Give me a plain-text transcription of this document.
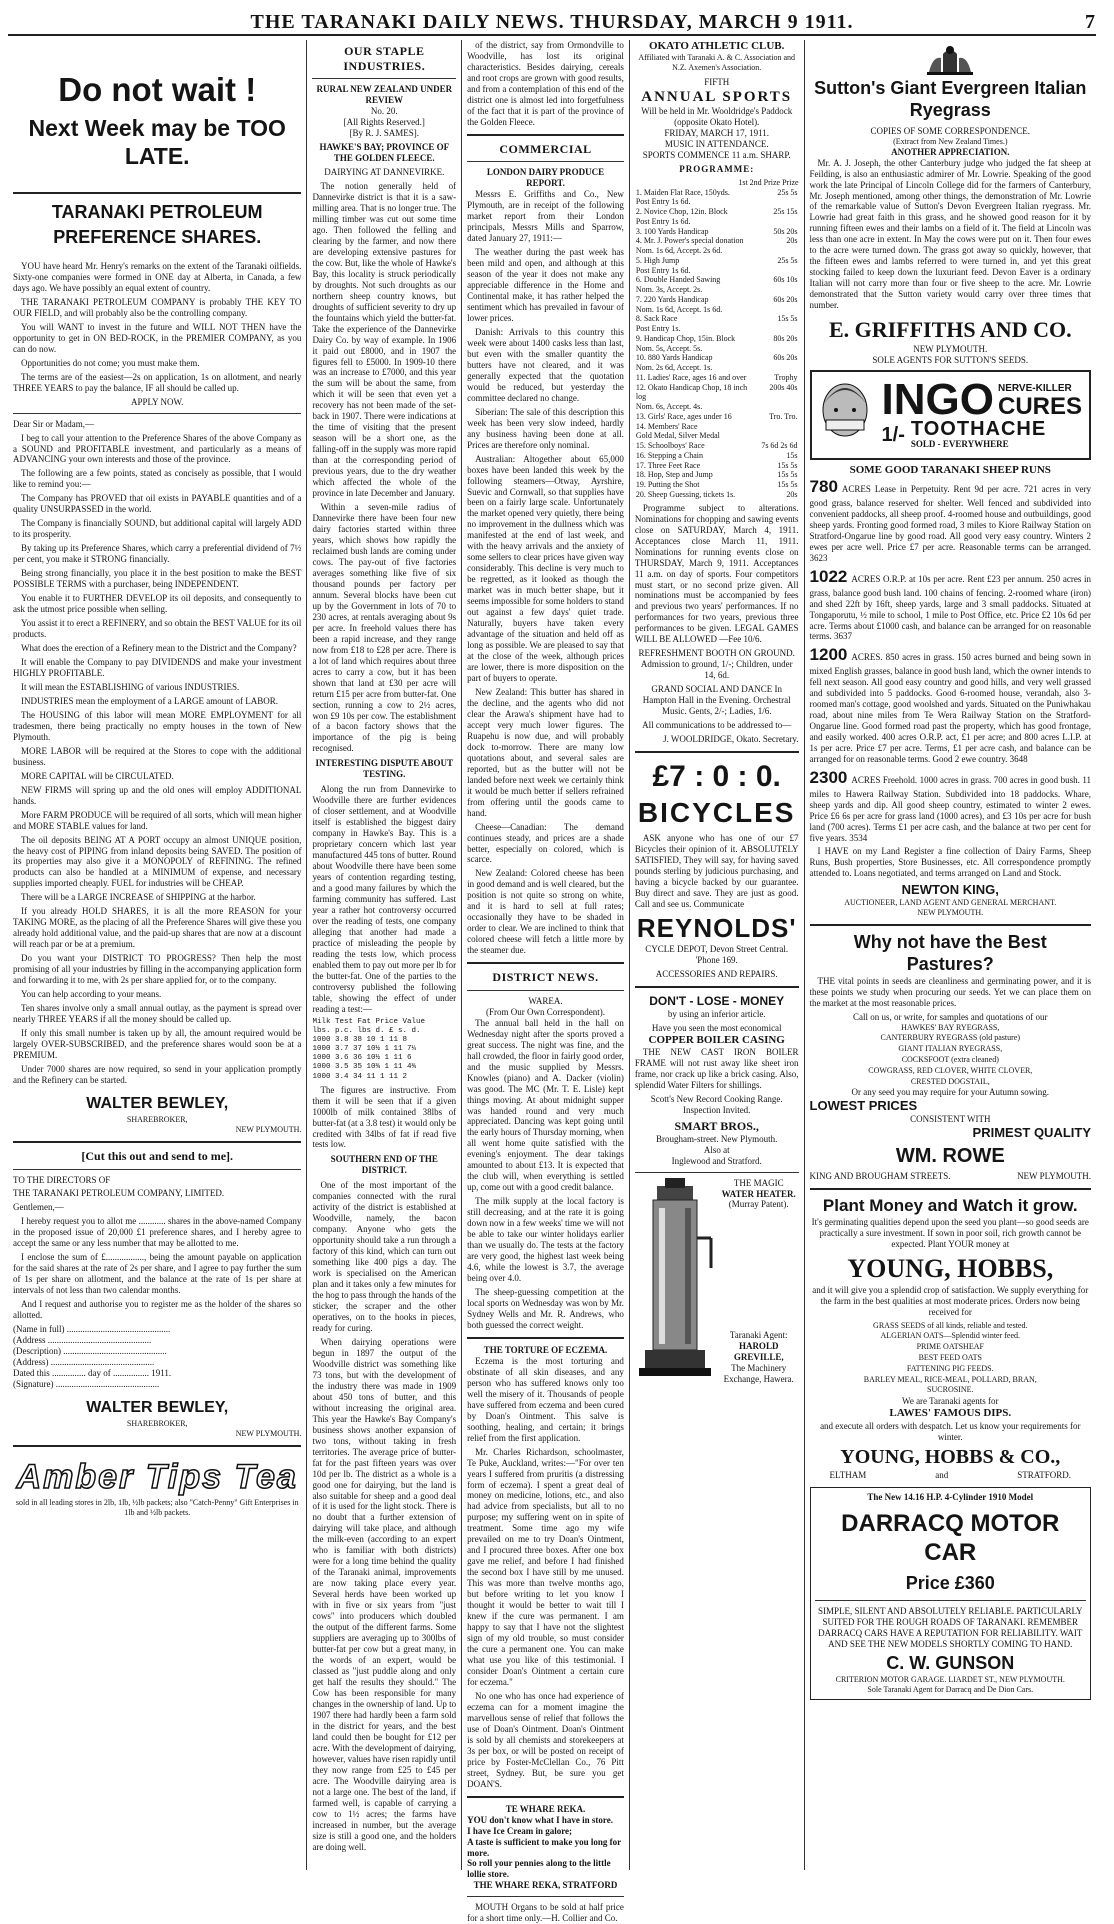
THE TARANAKI DAILY NEWS. THURSDAY, MARCH 9 1911.	7
Do not wait !
Next Week may be TOO LATE.
TARANAKI PETROLEUM PREFERENCE SHARES.

YOU have heard Mr. Henry's remarks on the extent of the Taranaki oilfields. Sixty-one companies were formed in ONE day at Alberta, in Canada, a few days ago. We have possibly an equal extent of country.

THE TARANAKI PETROLEUM COMPANY is probably THE KEY TO OUR FIELD, and will probably also be the controlling company.

You will WANT to invest in the future and WILL NOT THEN have the opportunity to get in ON BED-ROCK, in the PREMIER COMPANY, as you can do now.

Opportunities do not come; you must make them.

The terms are of the easiest—2s on application, 1s on allotment, and nearly THREE YEARS to pay the balance, IF all should be called up.

APPLY NOW.

Dear Sir or Madam,—

I beg to call your attention to the Preference Shares of the above Company as a SOUND and PROFITABLE investment, and particularly as a means of ADVANCING your own interests and those of the province.

The following are a few points, stated as concisely as possible, that I would like to remind you:—

The Company has PROVED that oil exists in PAYABLE quantities and of a quality UNSURPASSED in the world.

The Company is financially SOUND, but additional capital will largely ADD to its prosperity.

By taking up its Preference Shares, which carry a preferential dividend of 7½ per cent, you make it STRONG financially.

Being strong financially, you place it in the best position to make the BEST POSSIBLE TERMS with a purchaser, being INDEPENDENT.

You enable it to FURTHER DEVELOP its oil deposits, and consequently to ask the utmost price possible when selling.

You assist it to erect a REFINERY, and so obtain the BEST VALUE for its oil products.

What does the erection of a Refinery mean to the District and the Company?

It will enable the Company to pay DIVIDENDS and make your investment HIGHLY PROFITABLE.

It will mean the ESTABLISHING of various INDUSTRIES.

INDUSTRIES mean the employment of a LARGE amount of LABOR.

The HOUSING of this labor will mean MORE EMPLOYMENT for all tradesmen, there being practically no empty houses in the town of New Plymouth.

MORE LABOR will be required at the Stores to cope with the additional business.

MORE CAPITAL will be CIRCULATED.

NEW FIRMS will spring up and the old ones will employ ADDITIONAL hands.

More FARM PRODUCE will be required of all sorts, which will mean higher and MORE STABLE values for land.

The oil deposits BEING AT A PORT occupy an almost UNIQUE position, the heavy cost of PIPING from inland deposits being SAVED. The position of its properties may also give it a MONOPOLY of REFINING. The refined products can also be handled at a MINIMUM of expense, and necessary supplies imported cheaply. FUEL for industries will be CHEAP.

There will be a LARGE INCREASE of SHIPPING at the harbor.

If you already HOLD SHARES, it is all the more REASON for your TAKING MORE, as the placing of all the Preference Shares will give these you already hold additional value, and the paid-up shares that are now at a discount will reach par or be at a premium.

Do you want your DISTRICT TO PROGRESS? Then help the most promising of all your industries by filling in the accompanying application form and forwarding it to me, with 2s per share applied for, or to the company.

You can help according to your means.

Ten shares involve only a small annual outlay, as the payment is spread over nearly THREE YEARS if all the money should be called up.

If only this small number is taken up by all, the amount required would be largely OVER-SUBSCRIBED, and the preference shares would soon be at a PREMIUM.

Under 7000 shares are now required, so send in your application promptly and the Refinery can be started.

WALTER BEWLEY,
SHAREBROKER,
NEW PLYMOUTH.
[Cut this out and send to me].

TO THE DIRECTORS OF

THE TARANAKI PETROLEUM COMPANY, LIMITED.

Gentlemen,—

I hereby request you to allot me ............ shares in the above-named Company in the proposed issue of 20,000 £1 preference shares, and I hereby agree to accept the same or any less number that may be allotted to me.

I enclose the sum of £................., being the amount payable on application for the said shares at the rate of 2s per share, and I agree to pay further the sum of 1s per share on allotment, and the balance at the rate of 1s per share at intervals of not less than two calendar months.

And I request and authorise you to register me as the holder of the shares so allotted.

(Name in full) ..............................................
(Address ..............................................
(Description) ..............................................
(Address) ..............................................
Dated this ............... day of ................ 1911.
(Signature) ..............................................
WALTER BEWLEY,
SHAREBROKER,
NEW PLYMOUTH.
Amber Tips Tea
sold in all leading stores in 2lb, 1lb, ½lb packets; also "Catch-Penny" Gift Enterprises in 1lb and ½lb packets.
OUR STAPLE INDUSTRIES.
RURAL NEW ZEALAND UNDER REVIEW
No. 20.
[All Rights Reserved.]
[By R. J. SAMES].
HAWKE'S BAY; PROVINCE OF THE GOLDEN FLEECE.
DAIRYING AT DANNEVIRKE.

The notion generally held of Dannevirke district is that it is a saw-milling area. That is no longer true. The milling timber was cut out some time ago. Then followed the felling and clearing by the farmer, and now there are developing extensive pastures for the cow. But, like the whole of Hawke's Bay, this locality is struck periodically by droughts. Not such droughts as our northern sheep country knows, but droughts of sufficient severity to dry up the fountains which yield the butter-fat. Take the experience of the Dannevirke Dairy Co. by way of example. In 1906 it paid out £8000, and in 1907 the figures fell to £5000. In 1909-10 there was an increase to £7000, and this year the sum will be about the same, from which it will be seen that even yet a recovery has not been made of the set-back in 1907. There were indications at the time of visiting that the present season will be a short one, as the falling-off in the supply was more rapid than at the corresponding period of previous years, due to the dry weather which affected the whole of the province in late December and January.

Within a seven-mile radius of Dannevirke there have been four new dairy factories started within three years, which shows how rapidly the reclaimed bush lands are coming under cows. The pay-out of five factories averages something like five of six thousand pounds per factory per annum. Several blocks have been cut up by the Government in lots of 70 to 230 acres, at rentals averaging about 9s per acre. In freehold values there has been a rapid increase, and they range now from £18 to £28 per acre. There is a lot of land which requires about three acres to carry a cow, but it has been shown that land at £30 per acre will return £15 per acre from butter-fat. One section, running a cow to 2½ acres, won £9 10s per cow. The establishment of a bacon factory shows that the importance of the pig is being recognised.

INTERESTING DISPUTE ABOUT TESTING.

Along the run from Dannevirke to Woodville there are further evidences of closer settlement, and at Woodville itself is established the biggest dairy company in Hawke's Bay. This is a proprietary concern which last year manufactured 445 tons of butter. Round about Woodville there have been some years of contention regarding testing, and a good many failures by which the farming community has suffered. Last year a rather hot controversy occurred over the reading of tests, one company alleging that another had made a practice of misleading the people by reading the tests low, which process enabled them to pay out more per lb for the butter-fat. One of the parties to the controversy published the following table, showing the effect of under reading a test:—

Milk Test Fat Price Value
lbs. p.c. lbs d. £ s. d.
1000 3.8 38 10 1 11 8
1000 3.7 37 10½ 1 11 7¼
1000 3.6 36 10½ 1 11 6
1000 3.5 35 10¾ 1 11 4¾
1000 3.4 34 11 1 11 2

The figures are instructive. From them it will be seen that if a given 1000lb of milk contained 38lbs of butter-fat (at a 3.8 test) it would only be credited with 34lbs of fat if read five tests low.

SOUTHERN END OF THE DISTRICT.

One of the most important of the companies connected with the rural activity of the district is established at Woodville, namely, the bacon company. Anyone who gets the opportunity should take a run through a factory of this kind, which can turn out something like 400 pigs a day. The work is specialised on the American plan and it takes only a few minutes for the hog to pass through the hands of the sticker, the scraper and the other operatives, on to the hooks in pieces, ready for curing.

When dairying operations were begun in 1897 the output of the Woodville district was something like 73 tons, but with the development of the industry there was made in 1909 about 450 tons of butter, and this without increasing the original area. This year the Hawke's Bay Company's business shows another expansion of two tons, without taking in fresh territories. The average price of butter-fat for the past fifteen years was over 10d per lb. The district as a whole is a good one for dairying, but the land is also suitable for sheep and a good deal of it is used for the light stock. There is no doubt that a further extension of dairying will take place, and although the milk-even (according to an expert who is familiar with both districts) were for a long time behind the quality of the Taranaki animal, improvements are now taking place every year. Several herds have been worked up with in five or six years from "just cows" into producers which doubled the output of the different farms. Some suppliers are averaging up to 300lbs of butter-fat per cow but a great many, in the words of an expert, would be classed as "just puddle along and only get half the results they should." The Cow has been responsible for many changes in the ownership of land. Up to 1907 there had hardly been a farm sold in the district for years, and the best land could then be bought for £12 per acre. With the development of dairying, however, values have risen rapidly until they now range from £25 to £45 per acre. The Woodville dairying area is not a large one. The best of the land, if farmed well, is capable of carrying a cow to 1½ acres; the farms have increased in number, but the average size is still a good one, and the holders are doing well.

of the district, say from Ormondville to Woodville, has lost its original characteristics. Besides dairying, cereals and root crops are grown with good results, and from a contemplation of this end of the district one is almost led into forgetfulness of the fact that it is part of the province of the Golden Fleece.

COMMERCIAL
LONDON DAIRY PRODUCE REPORT.

Messrs E. Griffiths and Co., New Plymouth, are in receipt of the following market report from their London principals, Messrs Mills and Sparrow, dated January 27, 1911:—

The weather during the past week has been mild and open, and although at this season of the year it does not make any appreciable difference in the Home and Continental make, it has rather helped the sentiment which has prevailed in favour of lower prices.

Danish: Arrivals to this country this week were about 1400 casks less than last, but even with the smaller quantity the butters have not cleared, and it was generally expected that the quotation would be reduced, but yesterday the committee declared no change.

Siberian: The sale of this description this week has been very slow indeed, hardly any business having been done at all. Prices are therefore only nominal.

Australian: Altogether about 65,000 boxes have been landed this week by the following steamers—Otway, Ayrshire, Suevic and Cornwall, so that supplies have been on a fairly large scale. Unfortunately the market opened very quietly, there being no improvement in the dullness which was manifested at the end of last week, and with the heavy arrivals and the anxiety of some sellers to clear prices have given way considerably. This decline is very much to be regretted, as it looked as though the market was in much better shape, but it seems impossible for some holders to stand out against a few days' quiet trade. Naturally, buyers have taken every advantage of the situation and held off as long as possible. We are pleased to say that at the close of the week, although prices are lower, there is more disposition on the part of buyers to operate.

New Zealand: This butter has shared in the decline, and the agents who did not clear the Arawa's shipment have had to accept very much lower figures. The Ruapehu is now due, and will probably dock to-morrow. There are many low quotations about, and several sales are reported, but as the butter will not be landed before next week we certainly think it would be much better if sellers refrained from offering until the goods came to hand.

Cheese—Canadian: The demand continues steady, and prices are a shade better, especially on colored, which is scarce.

New Zealand: Colored cheese has been in good demand and is well cleared, but the position is not quite so strong on white, and it is hard to sell at full rates; occasionally they have to be shaded in order to clear. We are inclined to think that colored cheese will fetch a little more by the steamer due.

DISTRICT NEWS.
WAREA.
(From Our Own Correspondent).

The annual ball held in the hall on Wednesday night after the sports proved a great success. The night was fine, and the hall crowded, the floor in fairly good order, and the music supplied by Messrs. Knowles (piano) and A. Dacker (violin) was good. The MC (Mr. T. E. Lisle) kept things moving. At about midnight supper was handed round and very much appreciated. Dancing was kept going until the early hours of Thursday morning, when all went home quite satisfied with the evening's enjoyment. The dear takings amounted to about £13. It is expected that the club will, when everything is settled up, come out with a good credit balance.

The milk supply at the local factory is still decreasing, and at the rate it is going down now in a few weeks' time we will not be able to take our winter holidays earlier than we usually do. The tests at the factory are very good, the highest last week being 4.6, while the lowest is 3.7, the average being over 4.0.

The sheep-guessing competition at the local sports on Wednesday was won by Mr. Sydney Wells and Mr. R. Andrews, who both guessed the correct weight.

THE TORTURE OF ECZEMA.

Eczema is the most torturing and obstinate of all skin diseases, and any person who has suffered knows only too well the misery of it. Thousands of people have suffered from eczema and been cured by Doan's Ointment. This salve is soothing, healing, and certain; it brings relief from the first application.

Mr. Charles Richardson, schoolmaster, Te Puke, Auckland, writes:—"For over ten years I suffered from pruritis (a distressing form of eczema). I spent a great deal of money on medicine, lotions, etc., and also had advice from specialists, but all to no purpose; my suffering went on in spite of treatment. Some time ago my wife prevailed on me to try Doan's Ointment, and I procured three boxes. After one box gave me relief, and before I had finished the second box I have still by me unused. This was more than twelve months ago, but before writing to let you know I thought it would be better to wait till I knew if the cure was permanent. I am happy to say that I have not the slightest sign of my old trouble, so must consider the cure a permanent one. You can make what use you like of this testimonial. I consider Doan's Ointment a certain cure for eczema."

No one who has once had experience of eczema can for a moment imagine the marvellous sense of relief that follows the use of Doan's Ointment. Doan's Ointment is sold by all chemists and storekeepers at 3s per box, or will be posted on receipt of price by Foster-McClellan Co., 76 Pitt street, Sydney. But, be sure you get DOAN'S.

TE WHARE REKA.
YOU don't know what I have in store.
I have Ice Cream in galore;
A taste is sufficient to make you long for more.
So roll your pennies along to the little lollie store.
THE WHARE REKA, STRATFORD

MOUTH Organs to be sold at half price for a short time only.—H. Collier and Co.

OKATO ATHLETIC CLUB.
Affiliated with Taranaki A. & C. Association and N.Z. Axemen's Association.
FIFTH
ANNUAL SPORTS
Will be held in Mr. Wooldridge's Paddock (opposite Okato Hotel).
FRIDAY, MARCH 17, 1911.
MUSIC IN ATTENDANCE.
SPORTS COMMENCE 11 a.m. SHARP.
PROGRAMME:
1st 2nd Prize Prize
1. Maiden Flat Race, 150yds.	25s 5s
Post Entry 1s 6d.	
2. Novice Chop, 12in. Block	25s 15s
Post Entry 1s 6d.	
3. 100 Yards Handicap	50s 20s
4. Mr. J. Power's special donation	20s
Nom. 1s 6d, Accept. 2s 6d.	
5. High Jump	25s 5s
Post Entry 1s 6d.	
6. Double Handed Sawing	60s 10s
Nom. 3s, Accept. 2s.	
7. 220 Yards Handicap	60s 20s
Nom. 1s 6d, Accept. 1s 6d.	
8. Sack Race	15s 5s
Post Entry 1s.	
9. Handicap Chop, 15in. Block	80s 20s
Nom. 5s, Accept. 5s.	
10. 880 Yards Handicap	60s 20s
Nom. 2s 6d, Accept. 1s.	
11. Ladies' Race, ages 16 and over	Trophy
12. Okato Handicap Chop, 18 inch log	200s 40s
Nom. 6s, Accept. 4s.	
13. Girls' Race, ages under 16	Tro. Tro.
14. Members' Race	
Gold Medal, Silver Medal	
15. Schoolboys' Race	7s 6d 2s 6d
16. Stepping a Chain	15s
17. Three Feet Race	15s 5s
18. Hop, Step and Jump	15s 5s
19. Putting the Shot	15s 5s
20. Sheep Guessing, tickets 1s.	20s

Programme subject to alterations. Nominations for chopping and sawing events close on SATURDAY, March 4, 1911. Acceptances close March 11, 1911. Nominations for running events close on THURSDAY, March 9, 1911. Acceptances 11 a.m. on day of sports. Four competitors must start, or no second prize given. All nominations must be accompanied by fees and previous two years' performances. If no performances for two years, previous three performances to be given. LEGAL GAMES WILL BE ALLOWED —Fee 10/6.

REFRESHMENT BOOTH ON GROUND. Admission to ground, 1/-; Children, under 14, 6d.

GRAND SOCIAL AND DANCE In Hampton Hall in the Evening. Orchestral Music. Gents, 2/-; Ladies, 1/6.

All communications to be addressed to—

J. WOOLDRIDGE, Okato. Secretary.

£7 : 0 : 0.
BICYCLES

ASK anyone who has one of our £7 Bicycles their opinion of it. ABSOLUTELY SATISFIED, They will say, for having saved pounds sterling by judicious purchasing, and having a bicycle backed by our guarantee. Buy direct and save. They are just as good. Call and see us. Communicate

REYNOLDS'
CYCLE DEPOT, Devon Street Central. 'Phone 169.
ACCESSORIES AND REPAIRS.
DON'T - LOSE - MONEY
by using an inferior article.
Have you seen the most economical
COPPER BOILER CASING

THE NEW CAST IRON BOILER FRAME will not rust away like sheet iron frame, nor crack up like a brick casing. Also, splendid Water Filters for shillings.

Scott's New Record Cooking Range.
Inspection Invited.
SMART BROS.,
Brougham-street. New Plymouth.
Also at
Inglewood and Stratford.
THE MAGIC
WATER HEATER.
(Murray Patent).
Taranaki Agent:
HAROLD GREVILLE,
The Machinery Exchange, Hawera.
Sutton's Giant Evergreen Italian Ryegrass
COPIES OF SOME CORRESPONDENCE.
(Extract from New Zealand Times.)
ANOTHER APPRECIATION.

Mr. A. J. Joseph, the other Canterbury judge who judged the fat sheep at Feilding, is also an enthusiastic admirer of Mr. Lowrie. Speaking of the good work the late Principal of Lincoln College did for the farmers of Canterbury, Mr. Joseph mentioned, among other things, the demonstration of Mr. Lowrie of the remarkable value of Sutton's Devon Evergreen Italian ryegrass. Mr. Lowrie had great faith in this grass, and he showed good reason for it by running fifteen ewes and their lambs on a field of it. The field at Lincoln was less than one acre in extent. In May the cows were put on it. Then four ewes to the acre were turned down. The grass got away so quickly, however, that the fifteen ewes and lambs referred to were turned in, and yet this great stocking failed to keep down the luxuriant feed. Devon Eaver is a ordinary Italian will not carry more than four or five sheep to the acre. Mr. Lowrie demonstrated that the Sutton variety would carry over three times that number.

E. GRIFFITHS AND CO.
NEW PLYMOUTH.
SOLE AGENTS FOR SUTTON'S SEEDS.
INGO NERVE-KILLER
CURES
1/- TOOTHACHE
SOLD - EVERYWHERE
SOME GOOD TARANAKI SHEEP RUNS

780 ACRES Lease in Perpetuity. Rent 9d per acre. 721 acres in very good grass, balance reserved for shelter. Well fenced and subdivided into convenient paddocks, all sheep proof. 4-roomed house and outbuildings, good sheep yards. Fronting good formed road, 3 miles to Kiore Railway Station on Stratford-Ongarue line by good road. All good very easy country. Winters 2 ewes per acre well. Price £7 per acre. Reasonable terms can be arranged. 3623

1022 ACRES O.R.P. at 10s per acre. Rent £23 per annum. 250 acres in grass, balance good bush land. 100 chains of fencing. 2-roomed whare (iron) and shed 22ft by 16ft, sheep yards, large and 3 small paddocks. Situated at Tongaporutu, ½ mile to school, 1 mile to Post Office, etc. Price £2 10s 6d per acre. Terms about £1000 cash, and balance can be arranged for on reasonable terms. 3637

1200 ACRES. 850 acres in grass. 150 acres burned and being sown in mixed English grasses, balance in good bush land, which the owner intends to fell next season. All good easy country and good hills, and very well grassed and subdivided into 5 paddocks. Good 6-roomed house, verandah, also 3-roomed man's cottage, good woolshed and yards. Situated on the Puniwhakau road, about nine miles from Te Wera Railway Station on the Stratford-Ongarue line. Good formed road past the property, which has good frontage, and easily worked. 400 acres O.R.P. act, £1 per acre; and 800 acres L.I.P. at 1s per acre. Price £7 per acre. Terms, £1 per acre cash, and balance can be arranged for on reasonable terms. Good 2 ewe country. 3648

2300 ACRES Freehold. 1000 acres in grass. 700 acres in good bush. 11 miles to Hawera Railway Station. Subdivided into 18 paddocks. Whare, sheep yards and dip. All good sheep country, estimated to winter 2 ewes. Price £6 6s per acre for grass land (1000 acres), and £3 10s per acre for bush land (700 acres). Terms £1 per acre cash, and the balance at two per cent for five years. 3534

I HAVE on my Land Register a fine collection of Dairy Farms, Sheep Runs, Bush properties, Store Businesses, etc. All correspondence promptly attended to. Loans negotiated, and terms arranged on Land and Stock.

NEWTON KING,
AUCTIONEER, LAND AGENT AND GENERAL MERCHANT.
NEW PLYMOUTH.
Why not have the Best Pastures?

THE vital points in seeds are cleanliness and germinating power, and it is these points we study when procuring our seeds. Yet we can place them on the market at the most reasonable prices.

Call on us, or write, for samples and quotations of our
HAWKES' BAY RYEGRASS,
CANTERBURY RYEGRASS (old pasture)
GIANT ITALIAN RYEGRASS,
COCKSFOOT (extra cleaned)
COWGRASS, RED CLOVER, WHITE CLOVER,
CRESTED DOGSTAIL,
Or any seed you may require for your Autumn sowing.
LOWEST PRICES
CONSISTENT WITH
PRIMEST QUALITY
WM. ROWE
KING AND BROUGHAM STREETS.	NEW PLYMOUTH.
Plant Money and Watch it grow.

It's germinating qualities depend upon the seed you plant—so good seeds are practically a sure investment. If sown in poor soil, rich growth cannot be expected. Plant YOUR money at

YOUNG, HOBBS,

and it will give you a splendid crop of satisfaction. We supply everything for the farm in the best qualities at most moderate prices. Orders now being received for

GRASS SEEDS of all kinds, reliable and tested.
ALGERIAN OATS—Splendid winter feed.
PRIME OATSHEAF
BEST FEED OATS
FATTENING PIG FEEDS.
BARLEY MEAL, RICE-MEAL, POLLARD, BRAN,
SUCROSINE.
We are Taranaki agents for
LAWES' FAMOUS DIPS.

and execute all orders with despatch. Let us know your requirements for winter.

YOUNG, HOBBS & CO.,
ELTHAM	and	STRATFORD.
The New 14.16 H.P. 4-Cylinder 1910 Model
DARRACQ MOTOR CAR
Price £360

SIMPLE, SILENT AND ABSOLUTELY RELIABLE. PARTICULARLY SUITED FOR THE ROUGH ROADS OF TARANAKI. REMEMBER DARRACQ CARS HAVE A REPUTATION FOR RELIABILITY. WAIT AND SEE THE NEW MODELS SHORTLY COMING TO HAND.

C. W. GUNSON
CRITERION MOTOR GARAGE. LIARDET ST., NEW PLYMOUTH.
Sole Taranaki Agent for Darracq and De Dion Cars.
